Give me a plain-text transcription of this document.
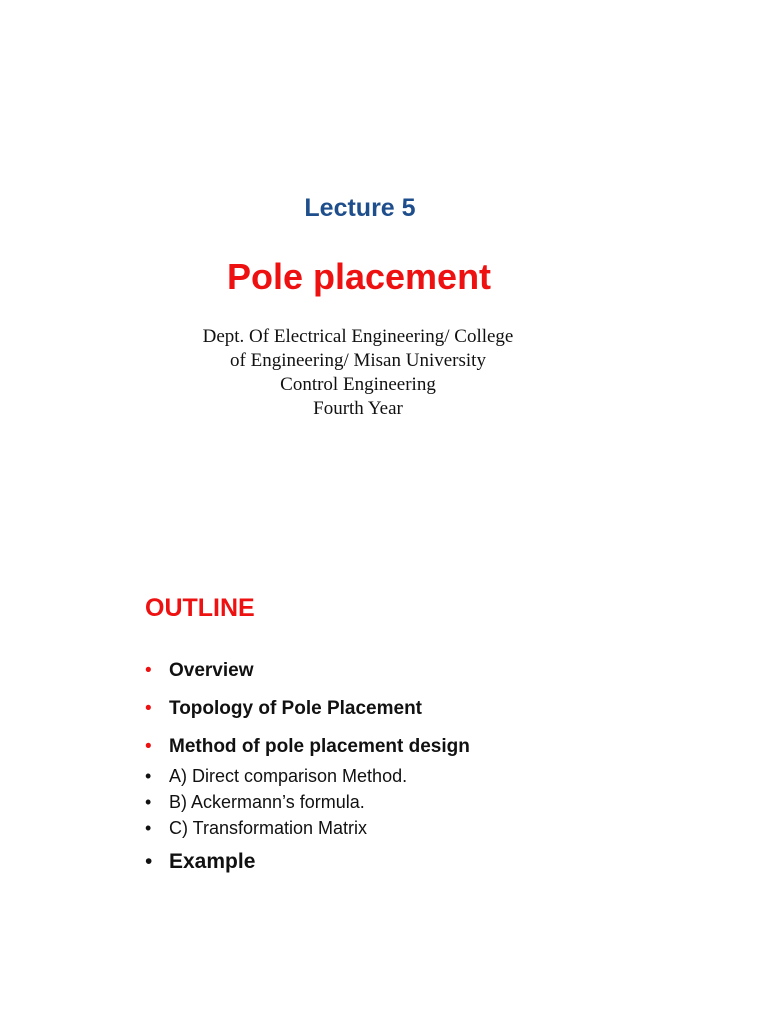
Lecture 5
Pole placement
Dept. Of Electrical Engineering/ College
of Engineering/ Misan University
Control Engineering
Fourth Year
OUTLINE
• Overview
• Topology of Pole Placement
• Method of pole placement design
• A) Direct comparison Method.
• B) Ackermann’s formula.
• C) Transformation Matrix
• Example
